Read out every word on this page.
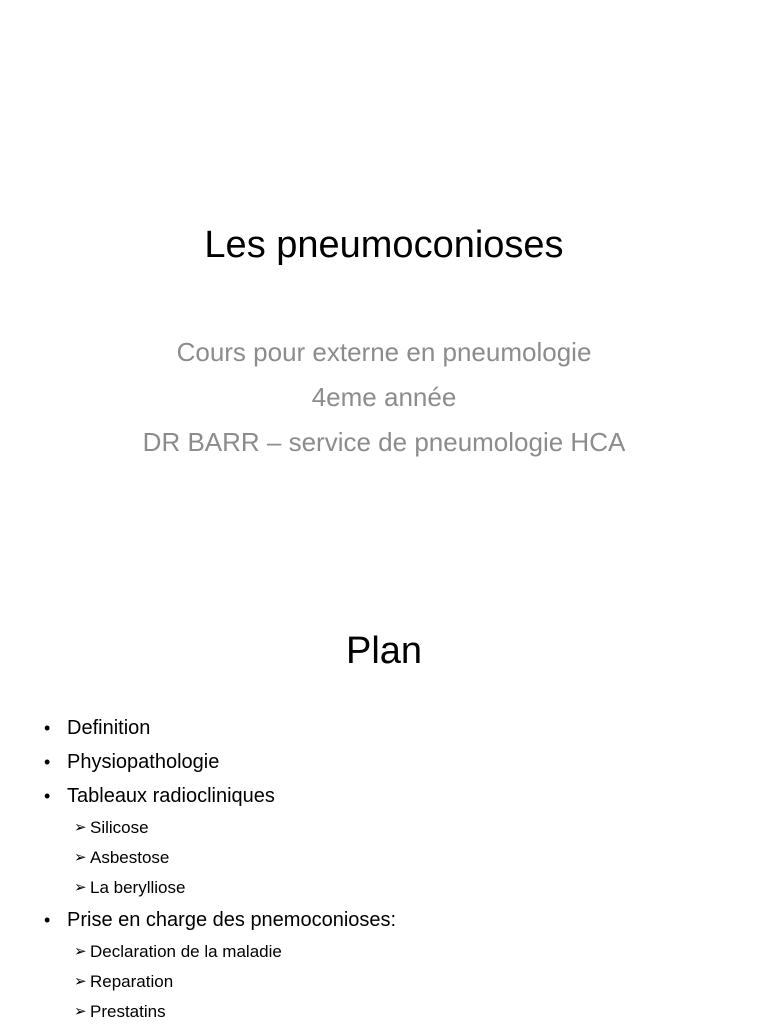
Les pneumoconioses
Cours pour externe en pneumologie
4eme année
DR BARR – service de pneumologie HCA
Plan
• Definition
• Physiopathologie
• Tableaux radiocliniques
➢ Silicose
➢ Asbestose
➢ La berylliose
• Prise en charge des pnemoconioses:
➢ Declaration de la maladie
➢ Reparation
➢ Prestatins
